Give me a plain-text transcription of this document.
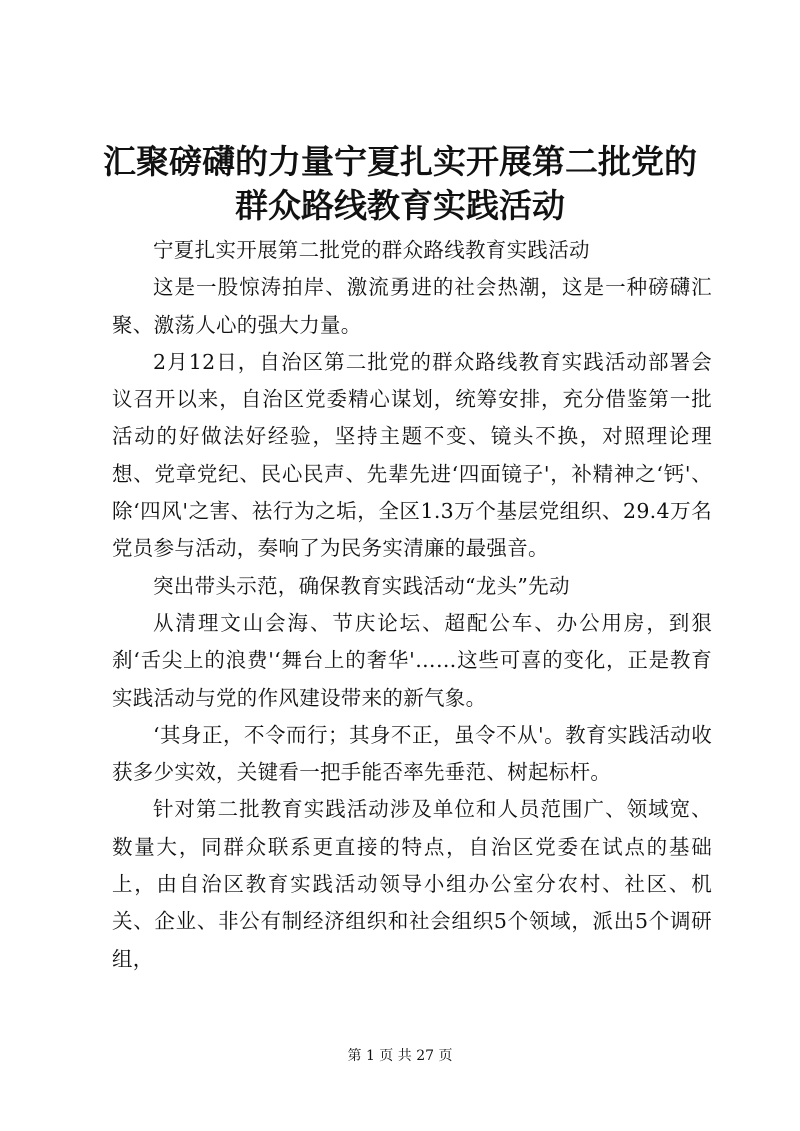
汇聚磅礴的力量宁夏扎实开展第二批党的群众路线教育实践活动

宁夏扎实开展第二批党的群众路线教育实践活动

这是一股惊涛拍岸、激流勇进的社会热潮，这是一种磅礴汇聚、激荡人心的强大力量。

2月12日，自治区第二批党的群众路线教育实践活动部署会议召开以来，自治区党委精心谋划，统筹安排，充分借鉴第一批活动的好做法好经验，坚持主题不变、镜头不换，对照理论理想、党章党纪、民心民声、先辈先进‘四面镜子'，补精神之‘钙'、除‘四风'之害、祛行为之垢，全区1.3万个基层党组织、29.4万名党员参与活动，奏响了为民务实清廉的最强音。

突出带头示范，确保教育实践活动“龙头”先动

从清理文山会海、节庆论坛、超配公车、办公用房，到狠刹‘舌尖上的浪费'‘舞台上的奢华'……这些可喜的变化，正是教育实践活动与党的作风建设带来的新气象。

‘其身正，不令而行；其身不正，虽令不从'。教育实践活动收获多少实效，关键看一把手能否率先垂范、树起标杆。

针对第二批教育实践活动涉及单位和人员范围广、领域宽、数量大，同群众联系更直接的特点，自治区党委在试点的基础上，由自治区教育实践活动领导小组办公室分农村、社区、机关、企业、非公有制经济组织和社会组织5个领域，派出5个调研组，

第 1 页 共 27 页
